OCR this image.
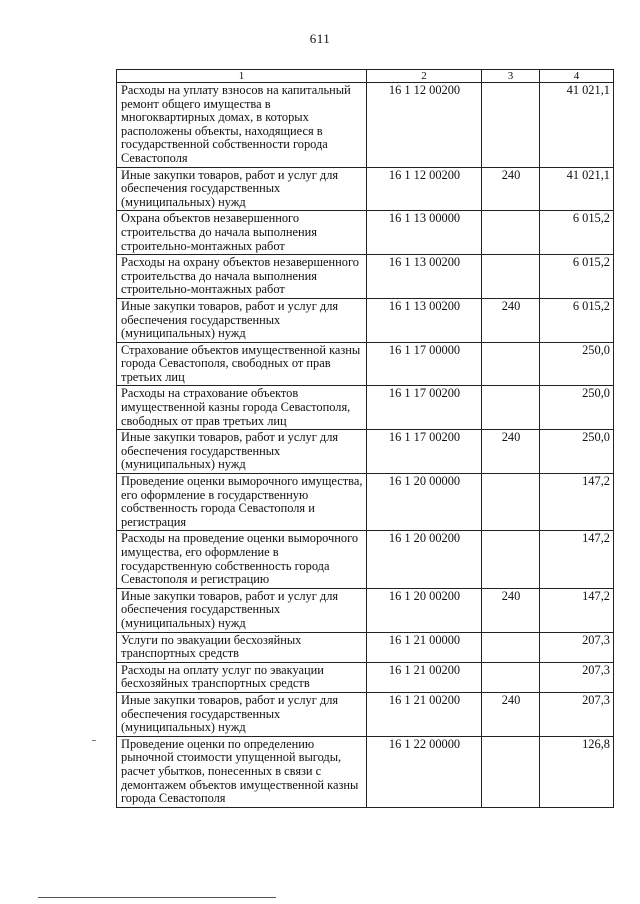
611
1	2	3	4
Расходы на уплату взносов на капитальный ремонт общего имущества в многоквартирных домах, в которых расположены объекты, находящиеся в государственной собственности города Севастополя	16 1 12 00200		41 021,1
Иные закупки товаров, работ и услуг для обеспечения государственных (муниципальных) нужд	16 1 12 00200	240	41 021,1
Охрана объектов незавершенного строительства до начала выполнения строительно-монтажных работ	16 1 13 00000		6 015,2
Расходы на охрану объектов незавершенного строительства до начала выполнения строительно-монтажных работ	16 1 13 00200		6 015,2
Иные закупки товаров, работ и услуг для обеспечения государственных (муниципальных) нужд	16 1 13 00200	240	6 015,2
Страхование объектов имущественной казны города Севастополя, свободных от прав третьих лиц	16 1 17 00000		250,0
Расходы на страхование объектов имущественной казны города Севастополя, свободных от прав третьих лиц	16 1 17 00200		250,0
Иные закупки товаров, работ и услуг для обеспечения государственных (муниципальных) нужд	16 1 17 00200	240	250,0
Проведение оценки выморочного имущества, его оформление в государственную собственность города Севастополя и регистрация	16 1 20 00000		147,2
Расходы на проведение оценки выморочного имущества, его оформление в государственную собственность города Севастополя и регистрацию	16 1 20 00200		147,2
Иные закупки товаров, работ и услуг для обеспечения государственных (муниципальных) нужд	16 1 20 00200	240	147,2
Услуги по эвакуации бесхозяйных транспортных средств	16 1 21 00000		207,3
Расходы на оплату услуг по эвакуации бесхозяйных транспортных средств	16 1 21 00200		207,3
Иные закупки товаров, работ и услуг для обеспечения государственных (муниципальных) нужд	16 1 21 00200	240	207,3
Проведение оценки по определению рыночной стоимости упущенной выгоды, расчет убытков, понесенных в связи с демонтажем объектов имущественной казны города Севастополя	16 1 22 00000		126,8
